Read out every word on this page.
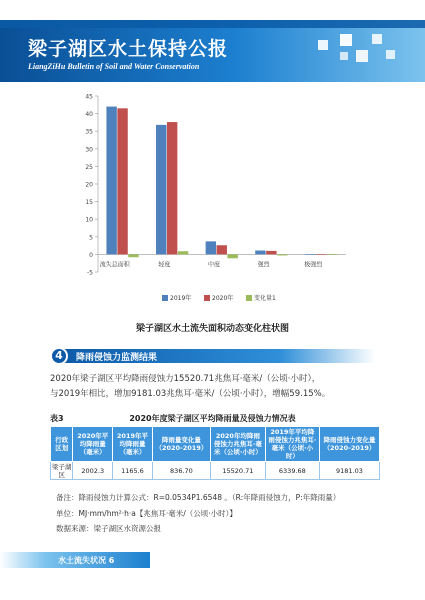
梁子湖区水土保持公报
LiangZiHu Bulletin of Soil and Water Conservation
-5
0
5
10
15
20
25
30
35
40
45
流失总面积	轻度	中度	强烈	极强烈
2019年	2020年	变化量1
梁子湖区水土流失面积动态变化柱状图
4	降雨侵蚀力监测结果
2020年梁子湖区平均降雨侵蚀力15520.71兆焦耳·毫米/（公顷·小时），
与2019年相比，增加9181.03兆焦耳·毫米/（公顷·小时），增幅59.15%。
表3	2020年度梁子湖区平均降雨量及侵蚀力情况表
行政区划	2020年平均降雨量（毫米）	2019年平均降雨量（毫米）	降雨量变化量（2020-2019）	2020年均降雨侵蚀力兆焦耳·毫米（公顷·小时）	2019年平均降雨侵蚀力兆焦耳·毫米（公顷·小时）	降雨侵蚀力变化量（2020-2019）
梁子湖区	2002.3	1165.6	836.70	15520.71	6339.68	9181.03
备注：降雨侵蚀力计算公式：R=0.0534P1.6548 。（R:年降雨侵蚀力，P:年降雨量）
单位：MJ·mm/hm²·h·a【兆焦耳·毫米/（公顷·小时）】
数据来源：梁子湖区水资源公报
水土流失状况 6
